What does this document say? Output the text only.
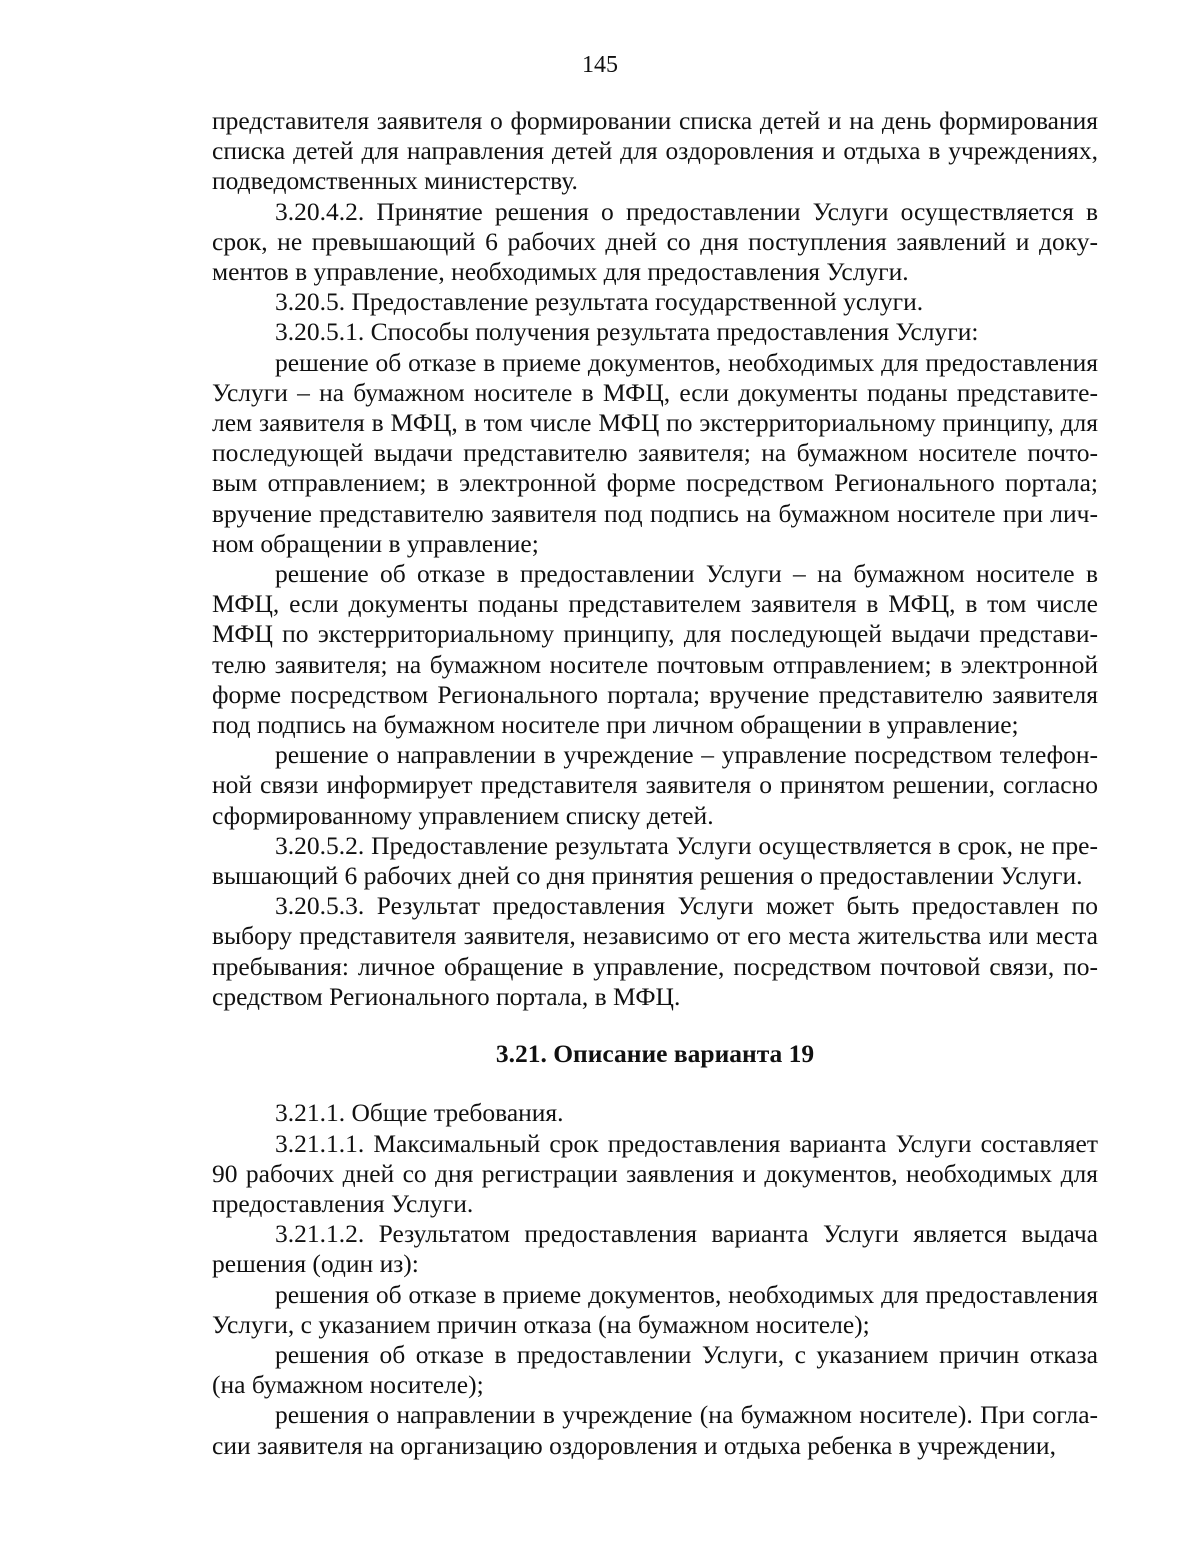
145
представителя заявителя о формировании списка детей и на день формирования
списка детей для направления детей для оздоровления и отдыха в учреждениях,
подведомственных министерству.
3.20.4.2. Принятие решения о предоставлении Услуги осуществляется в
срок, не превышающий 6 рабочих дней со дня поступления заявлений и доку-
ментов в управление, необходимых для предоставления Услуги.
3.20.5. Предоставление результата государственной услуги.
3.20.5.1. Способы получения результата предоставления Услуги:
решение об отказе в приеме документов, необходимых для предоставления
Услуги – на бумажном носителе в МФЦ, если документы поданы представите-
лем заявителя в МФЦ, в том числе МФЦ по экстерриториальному принципу, для
последующей выдачи представителю заявителя; на бумажном носителе почто-
вым отправлением; в электронной форме посредством Регионального портала;
вручение представителю заявителя под подпись на бумажном носителе при лич-
ном обращении в управление;
решение об отказе в предоставлении Услуги – на бумажном носителе в
МФЦ, если документы поданы представителем заявителя в МФЦ, в том числе
МФЦ по экстерриториальному принципу, для последующей выдачи представи-
телю заявителя; на бумажном носителе почтовым отправлением; в электронной
форме посредством Регионального портала; вручение представителю заявителя
под подпись на бумажном носителе при личном обращении в управление;
решение о направлении в учреждение – управление посредством телефон-
ной связи информирует представителя заявителя о принятом решении, согласно
сформированному управлением списку детей.
3.20.5.2. Предоставление результата Услуги осуществляется в срок, не пре-
вышающий 6 рабочих дней со дня принятия решения о предоставлении Услуги.
3.20.5.3. Результат предоставления Услуги может быть предоставлен по
выбору представителя заявителя, независимо от его места жительства или места
пребывания: личное обращение в управление, посредством почтовой связи, по-
средством Регионального портала, в МФЦ.
3.21. Описание варианта 19
3.21.1. Общие требования.
3.21.1.1. Максимальный срок предоставления варианта Услуги составляет
90 рабочих дней со дня регистрации заявления и документов, необходимых для
предоставления Услуги.
3.21.1.2. Результатом предоставления варианта Услуги является выдача
решения (один из):
решения об отказе в приеме документов, необходимых для предоставления
Услуги, с указанием причин отказа (на бумажном носителе);
решения об отказе в предоставлении Услуги, с указанием причин отказа
(на бумажном носителе);
решения о направлении в учреждение (на бумажном носителе). При согла-
сии заявителя на организацию оздоровления и отдыха ребенка в учреждении,
